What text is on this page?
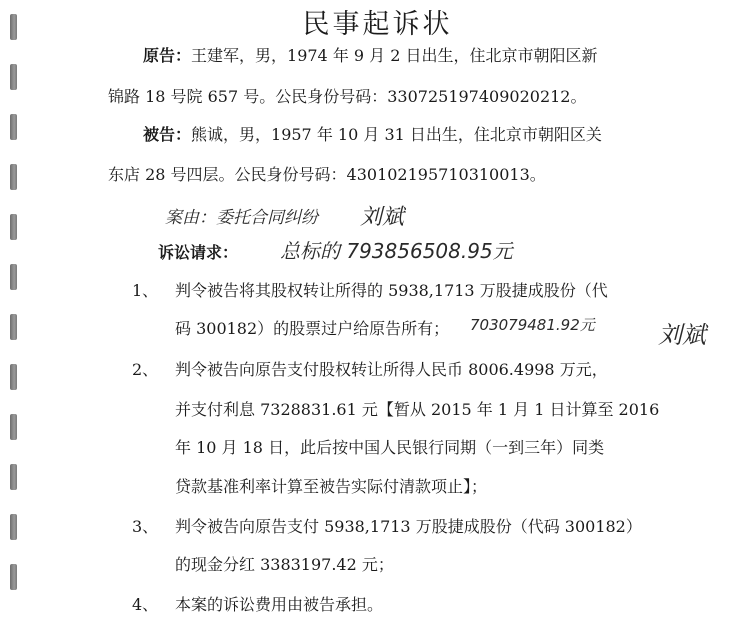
民事起诉状
原告：王建军，男，1974 年 9 月 2 日出生，住北京市朝阳区新
锦路 18 号院 657 号。公民身份号码：330725197409020212。
被告：熊诚，男，1957 年 10 月 31 日出生，住北京市朝阳区关
东店 28 号四层。公民身份号码：430102195710310013。
案由：委托合同纠纷 刘斌
诉讼请求： 总标的 793856508.95元
1、 判令被告将其股权转让所得的 5938,1713 万股捷成股份（代
码 300182）的股票过户给原告所有； 703079481.92元	刘斌
2、 判令被告向原告支付股权转让所得人民币 8006.4998 万元，
并支付利息 7328831.61 元【暂从 2015 年 1 月 1 日计算至 2016
年 10 月 18 日，此后按中国人民银行同期（一到三年）同类
贷款基准利率计算至被告实际付清款项止】；
3、 判令被告向原告支付 5938,1713 万股捷成股份（代码 300182）
的现金分红 3383197.42 元；
4、 本案的诉讼费用由被告承担。
